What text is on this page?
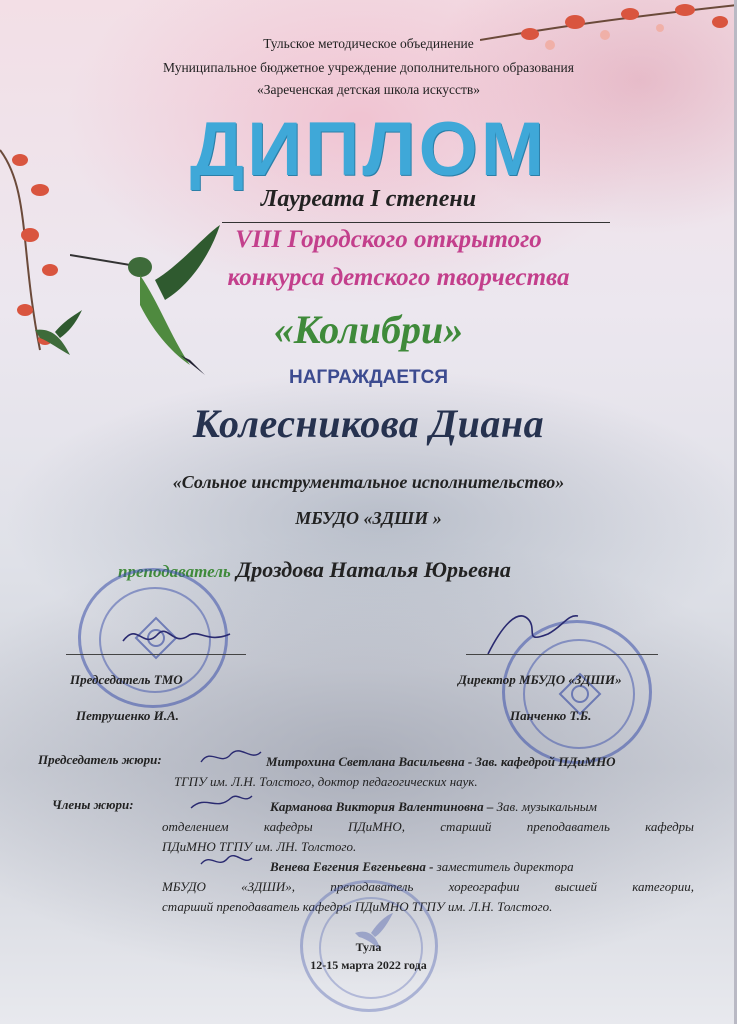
Тульское методическое объединение
Муниципальное бюджетное учреждение дополнительного образования
«Зареченская детская школа искусств»
ДИПЛОМ
Лауреата I степени
VIII Городского открытого
конкурса детского творчества
«Колибри»
НАГРАЖДАЕТСЯ
Колесникова Диана
«Сольное инструментальное исполнительство»
МБУДО «ЗДШИ »
преподаватель Дроздова Наталья Юрьевна
Председатель ТМО
Петрушенко И.А.
Директор МБУДО «ЗДШИ»
Панченко Т.Б.
Председатель жюри:	Митрохина Светлана Васильевна - Зав. кафедрой ПДиМНО
ТГПУ им. Л.Н. Толстого, доктор педагогических наук.
Члены жюри:	Карманова Виктория Валентиновна – Зав. музыкальным
отделением кафедры ПДиМНО, старший преподаватель кафедры
ПДиМНО ТГПУ им. ЛН. Толстого.
Венева Евгения Евгеньевна - заместитель директора
МБУДО «ЗДШИ», преподаватель хореографии высшей категории,
старший преподаватель кафедры ПДиМНО ТГПУ им. Л.Н. Толстого.
Тула
12-15 марта 2022 года
